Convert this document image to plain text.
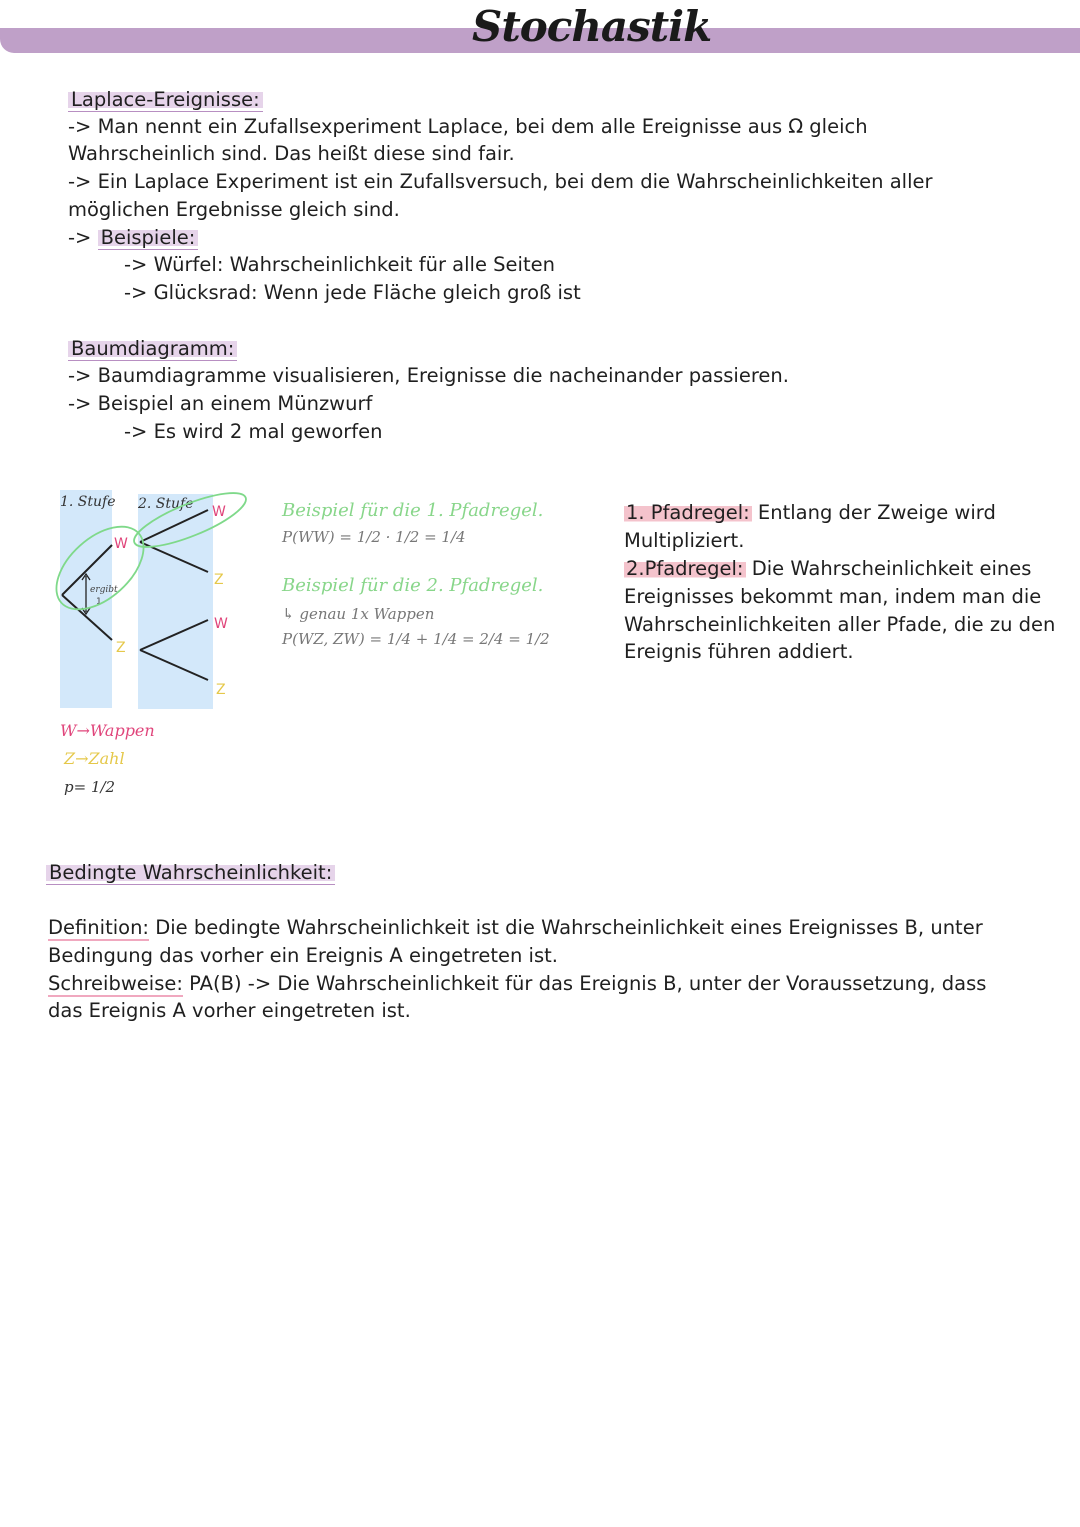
Stochastik
Laplace-Ereignisse:
-> Man nennt ein Zufallsexperiment Laplace, bei dem alle Ereignisse aus Ω gleich
Wahrscheinlich sind. Das heißt diese sind fair.
-> Ein Laplace Experiment ist ein Zufallsversuch, bei dem die Wahrscheinlichkeiten aller
möglichen Ergebnisse gleich sind.
-> Beispiele:
-> Würfel: Wahrscheinlichkeit für alle Seiten
-> Glücksrad: Wenn jede Fläche gleich groß ist
Baumdiagramm:
-> Baumdiagramme visualisieren, Ereignisse die nacheinander passieren.
-> Beispiel an einem Münzwurf
-> Es wird 2 mal geworfen
1. Stufe 2. Stufe
W
Z
ergibt
1
W
Z
W
Z
W→Wappen
Z→Zahl
p= 1/2
Beispiel für die 1. Pfadregel.
P(WW) = 1/2 · 1/2 = 1/4
Beispiel für die 2. Pfadregel.
↳ genau 1x Wappen
P(WZ, ZW) = 1/4 + 1/4 = 2/4 = 1/2
1. Pfadregel: Entlang der Zweige wird
Multipliziert.
2.Pfadregel: Die Wahrscheinlichkeit eines
Ereignisses bekommt man, indem man die
Wahrscheinlichkeiten aller Pfade, die zu den
Ereignis führen addiert.
Bedingte Wahrscheinlichkeit:
Definition: Die bedingte Wahrscheinlichkeit ist die Wahrscheinlichkeit eines Ereignisses B, unter
Bedingung das vorher ein Ereignis A eingetreten ist.
Schreibweise: PA(B) -> Die Wahrscheinlichkeit für das Ereignis B, unter der Voraussetzung, dass
das Ereignis A vorher eingetreten ist.
